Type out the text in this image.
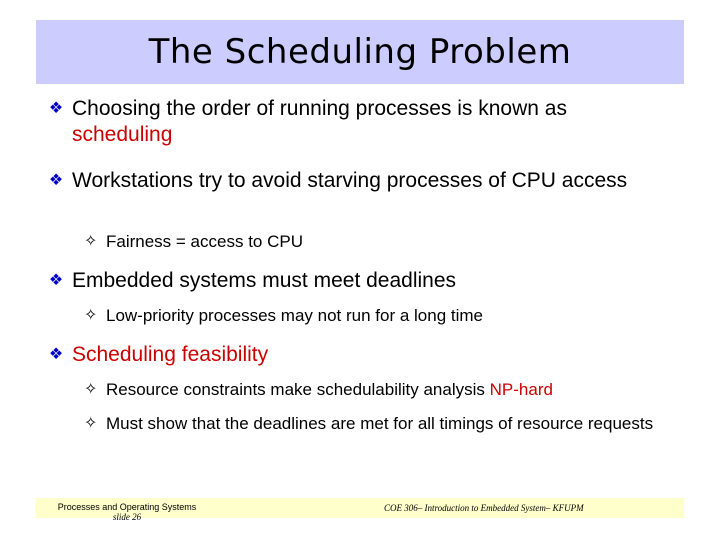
The Scheduling Problem
❖ Choosing the order of running processes is known as
scheduling
❖ Workstations try to avoid starving processes of CPU access
✧ Fairness = access to CPU
❖ Embedded systems must meet deadlines
✧ Low-priority processes may not run for a long time
❖ Scheduling feasibility
✧ Resource constraints make schedulability analysis NP-hard
✧ Must show that the deadlines are met for all timings of resource requests
Processes and Operating Systems
slide 26
COE 306– Introduction to Embedded System– KFUPM
